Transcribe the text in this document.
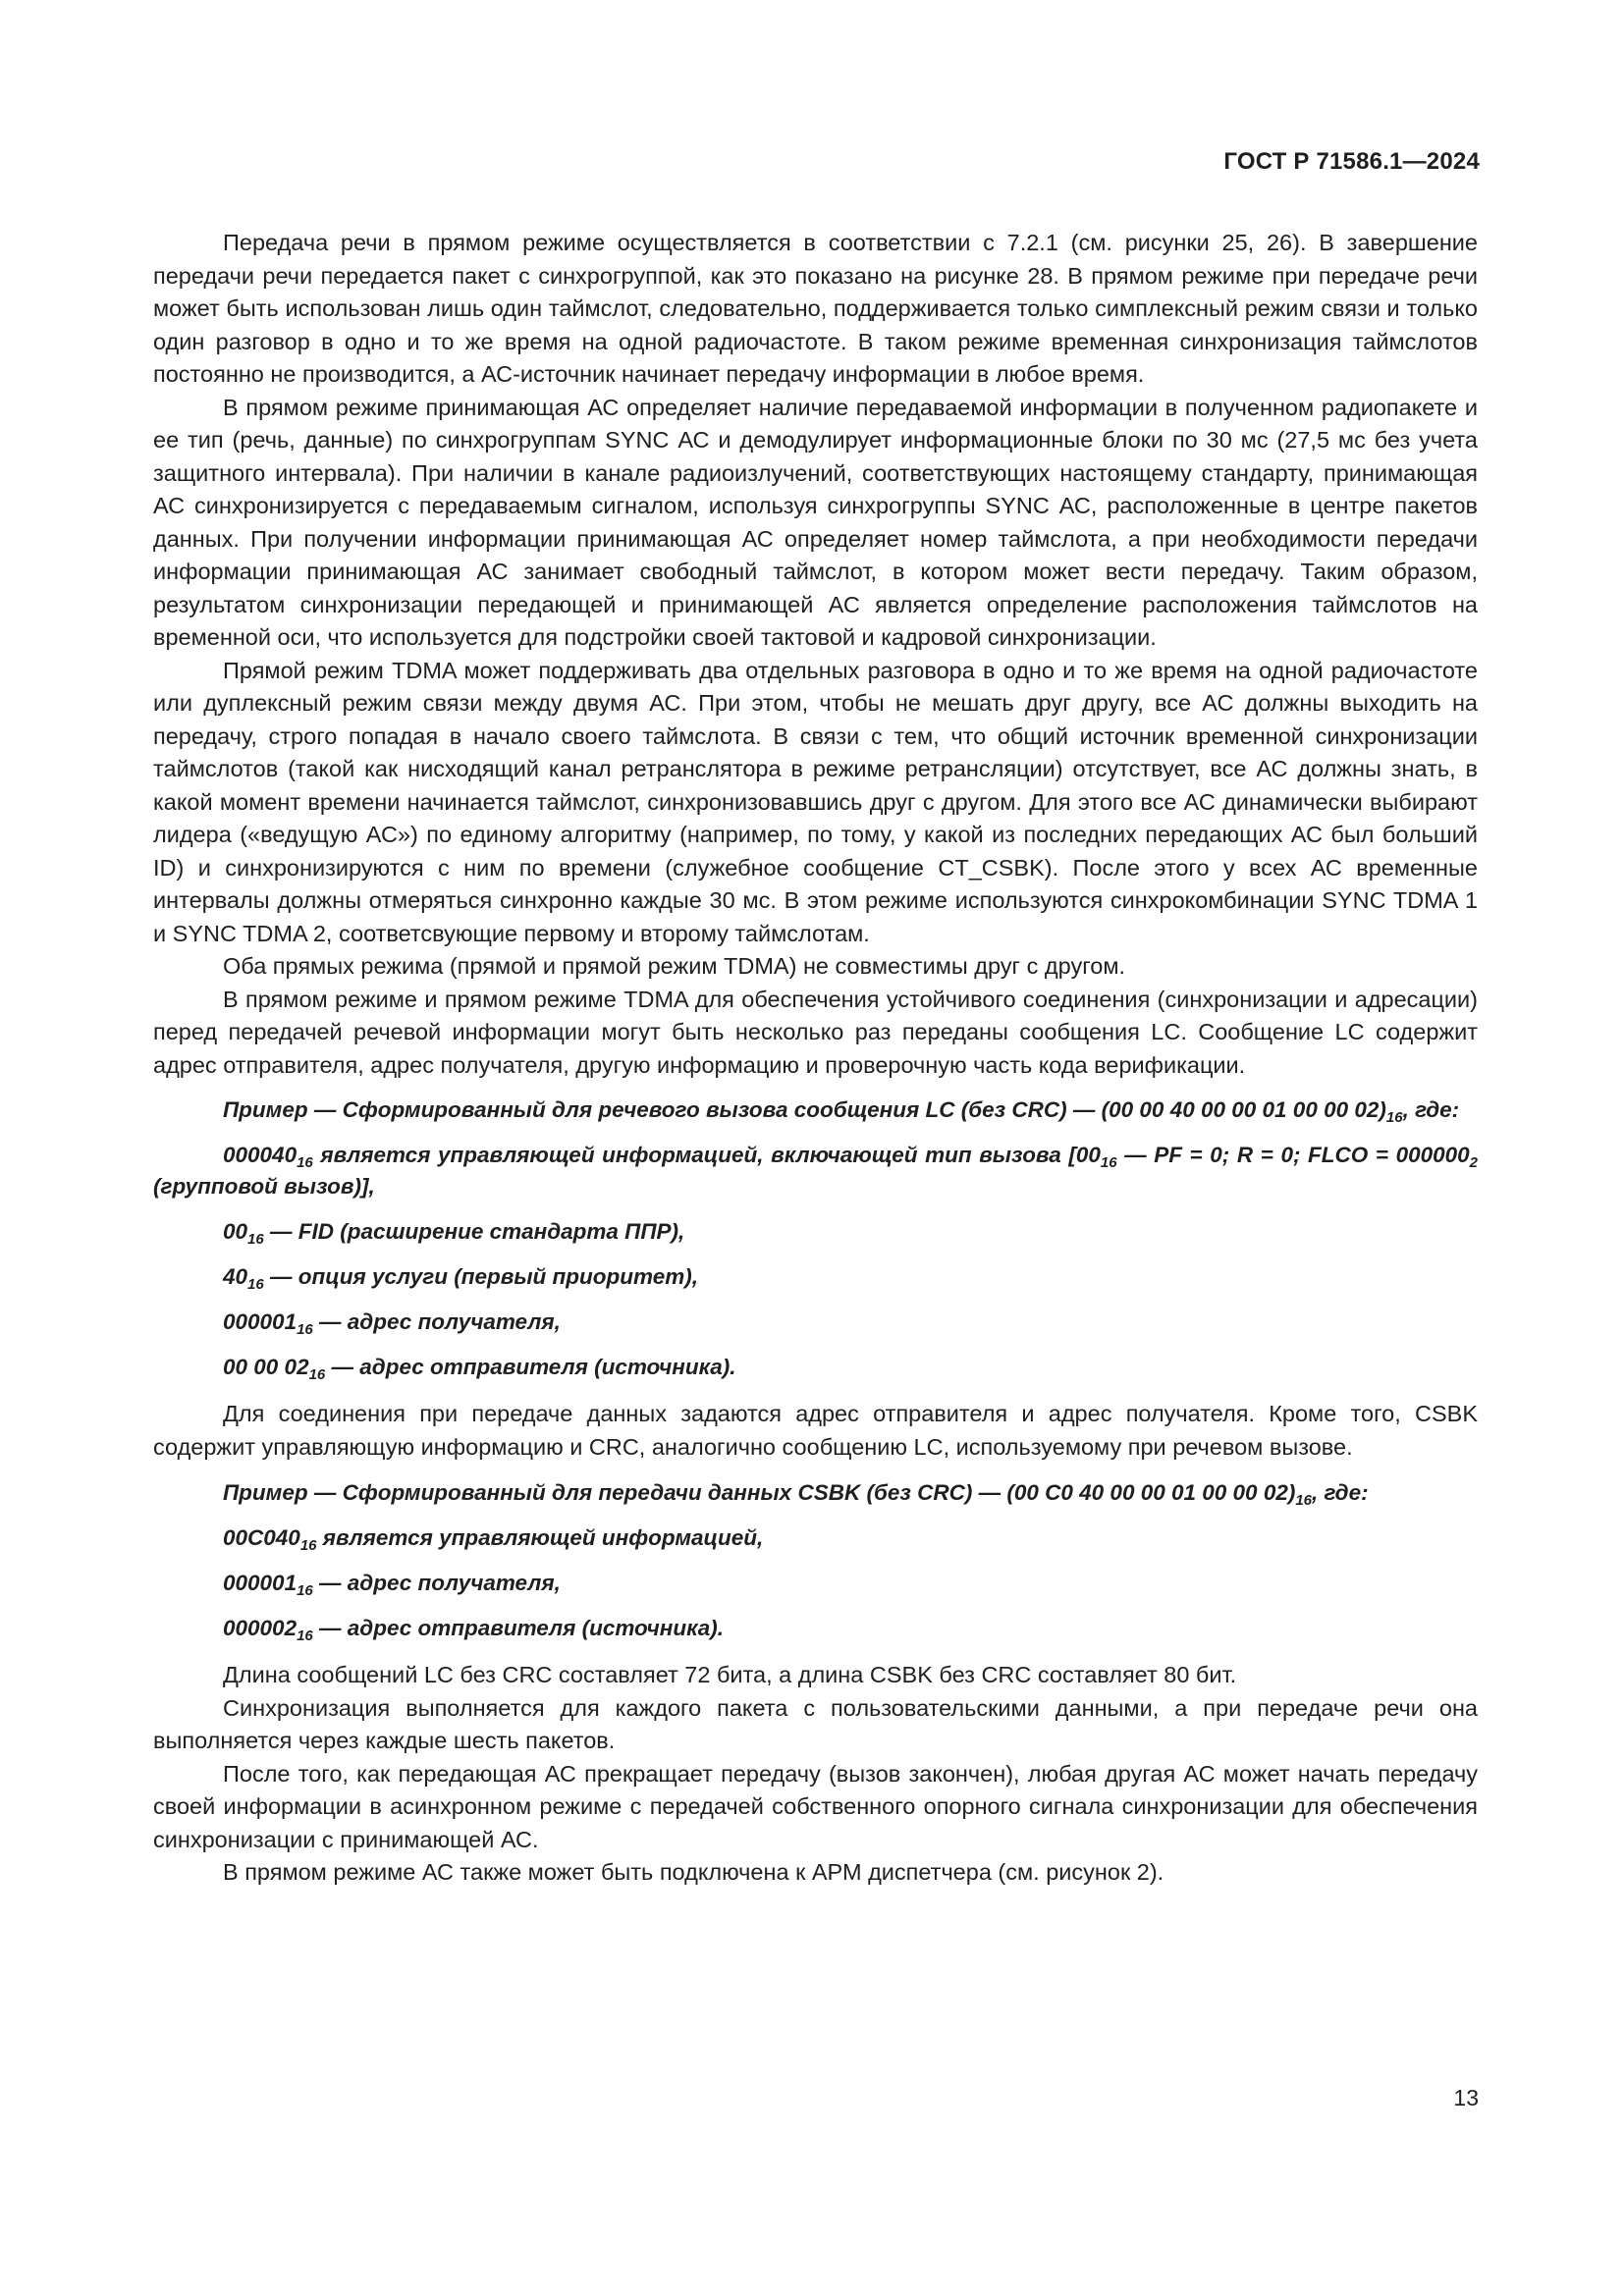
ГОСТ Р 71586.1—2024

Передача речи в прямом режиме осуществляется в соответствии с 7.2.1 (см. рисунки 25, 26). В завершение передачи речи передается пакет с синхрогруппой, как это показано на рисунке 28. В прямом режиме при передаче речи может быть использован лишь один таймслот, следовательно, поддерживается только симплексный режим связи и только один разговор в одно и то же время на одной радиочастоте. В таком режиме временная синхронизация таймслотов постоянно не производится, а АС-источник начинает передачу информации в любое время.

В прямом режиме принимающая АС определяет наличие передаваемой информации в полученном радиопакете и ее тип (речь, данные) по синхрогруппам SYNC АС и демодулирует информационные блоки по 30 мс (27,5 мс без учета защитного интервала). При наличии в канале радиоизлучений, соответствующих настоящему стандарту, принимающая АС синхронизируется с передаваемым сигналом, используя синхрогруппы SYNC АС, расположенные в центре пакетов данных. При получении информации принимающая АС определяет номер таймслота, а при необходимости передачи информации принимающая АС занимает свободный таймслот, в котором может вести передачу. Таким образом, результатом синхронизации передающей и принимающей АС является определение расположения таймслотов на временной оси, что используется для подстройки своей тактовой и кадровой синхронизации.

Прямой режим TDMA может поддерживать два отдельных разговора в одно и то же время на одной радиочастоте или дуплексный режим связи между двумя АС. При этом, чтобы не мешать друг другу, все АС должны выходить на передачу, строго попадая в начало своего таймслота. В связи с тем, что общий источник временной синхронизации таймслотов (такой как нисходящий канал ретранслятора в режиме ретрансляции) отсутствует, все АС должны знать, в какой момент времени начинается таймслот, синхронизовавшись друг с другом. Для этого все АС динамически выбирают лидера («ведущую АС») по единому алгоритму (например, по тому, у какой из последних передающих АС был больший ID) и синхронизируются с ним по времени (служебное сообщение CT_CSBK). После этого у всех АС временные интервалы должны отмеряться синхронно каждые 30 мс. В этом режиме используются синхрокомбинации SYNC TDMA 1 и SYNC TDMA 2, соответсвующие первому и второму таймслотам.

Оба прямых режима (прямой и прямой режим TDMA) не совместимы друг с другом.

В прямом режиме и прямом режиме TDMA для обеспечения устойчивого соединения (синхронизации и адресации) перед передачей речевой информации могут быть несколько раз переданы сообщения LC. Сообщение LC содержит адрес отправителя, адрес получателя, другую информацию и проверочную часть кода верификации.

Пример — Сформированный для речевого вызова сообщения LC (без CRC) — (00 00 40 00 00 01 00 00 $02)_{16}$, где:

$000040_{16}$ является управляющей информацией, включающей тип вызова [$00_{16}$ — PF = 0; R = 0; FLCO = $000000_2$ (групповой вызов)],

$00_{16}$ — FID (расширение стандарта ППР),

$40_{16}$ — опция услуги (первый приоритет),

$000001_{16}$ — адрес получателя,

00 00 $02_{16}$ — адрес отправителя (источника).

Для соединения при передаче данных задаются адрес отправителя и адрес получателя. Кроме того, CSBK содержит управляющую информацию и CRC, аналогично сообщению LC, используемому при речевом вызове.

Пример — Сформированный для передачи данных CSBK (без CRC) — (00 C0 40 00 00 01 00 00 $02)_{16}$, где:

$00C040_{16}$ является управляющей информацией,

$000001_{16}$ — адрес получателя,

$000002_{16}$ — адрес отправителя (источника).

Длина сообщений LC без CRC составляет 72 бита, а длина CSBK без CRC составляет 80 бит.

Синхронизация выполняется для каждого пакета с пользовательскими данными, а при передаче речи она выполняется через каждые шесть пакетов.

После того, как передающая АС прекращает передачу (вызов закончен), любая другая АС может начать передачу своей информации в асинхронном режиме с передачей собственного опорного сигнала синхронизации для обеспечения синхронизации с принимающей АС.

В прямом режиме АС также может быть подключена к АРМ диспетчера (см. рисунок 2).

13
